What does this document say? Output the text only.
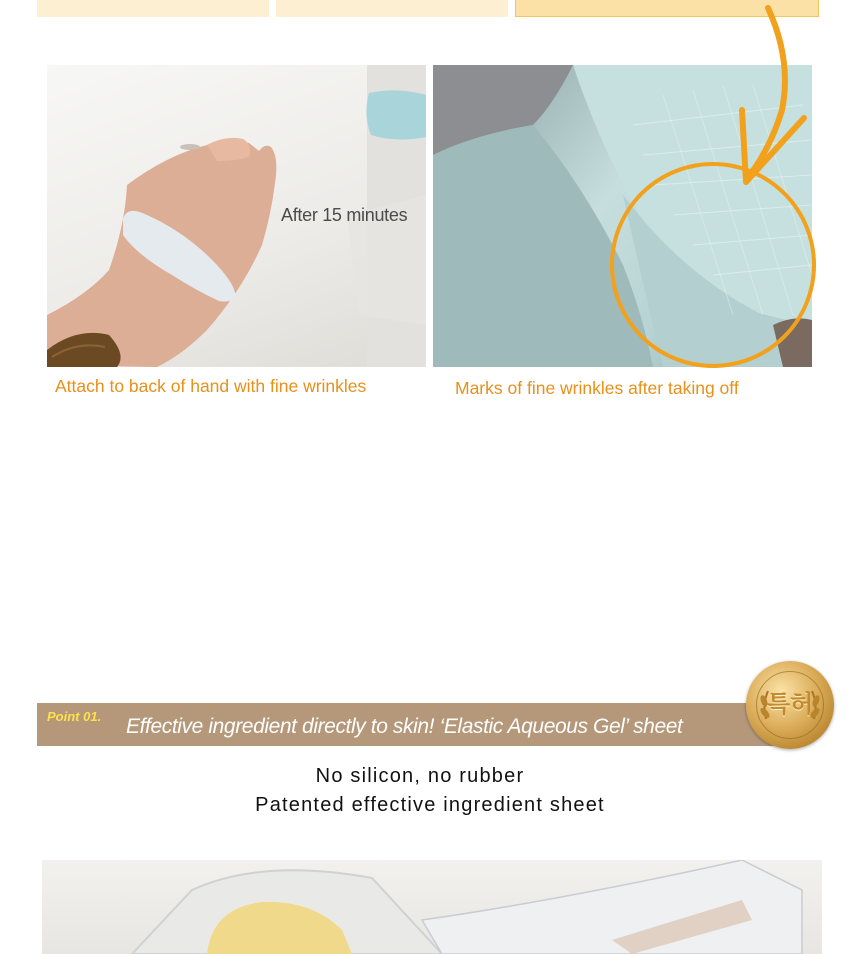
After 15 minutes
Attach to back of hand with fine wrinkles	Marks of fine wrinkles after taking off
Point 01. Effective ingredient directly to skin! ‘Elastic Aqueous Gel’ sheet
특허
No silicon, no rubber
Patented effective ingredient sheet
